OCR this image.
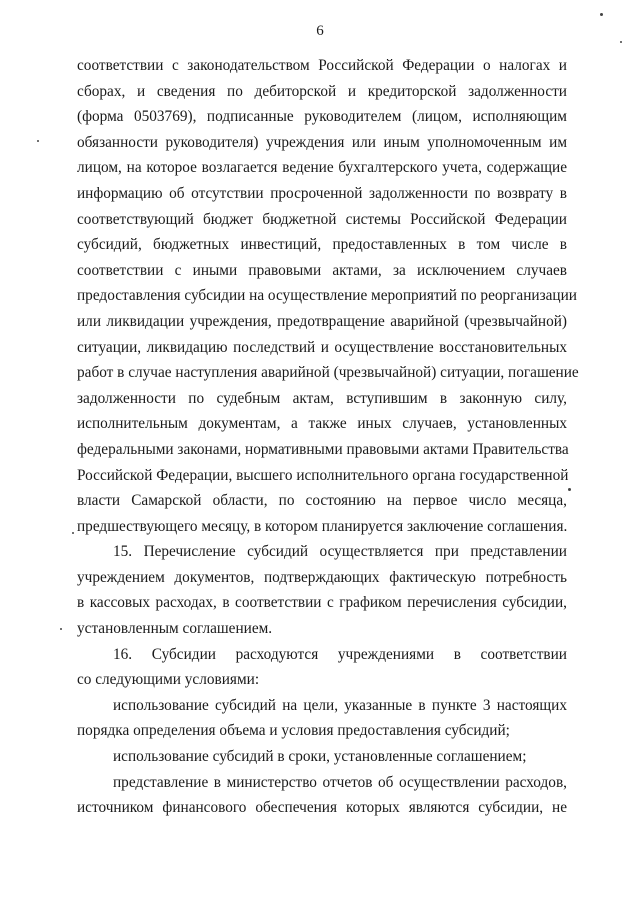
6
соответствии с законодательством Российской Федерации о налогах и
сборах, и сведения по дебиторской и кредиторской задолженности
(форма 0503769), подписанные руководителем (лицом, исполняющим
обязанности руководителя) учреждения или иным уполномоченным им
лицом, на которое возлагается ведение бухгалтерского учета, содержащие
информацию об отсутствии просроченной задолженности по возврату в
соответствующий бюджет бюджетной системы Российской Федерации
субсидий, бюджетных инвестиций, предоставленных в том числе в
соответствии с иными правовыми актами, за исключением случаев
предоставления субсидии на осуществление мероприятий по реорганизации
или ликвидации учреждения, предотвращение аварийной (чрезвычайной)
ситуации, ликвидацию последствий и осуществление восстановительных
работ в случае наступления аварийной (чрезвычайной) ситуации, погашение
задолженности по судебным актам, вступившим в законную силу,
исполнительным документам, а также иных случаев, установленных
федеральными законами, нормативными правовыми актами Правительства
Российской Федерации, высшего исполнительного органа государственной
власти Самарской области, по состоянию на первое число месяца,
предшествующего месяцу, в котором планируется заключение соглашения.
15. Перечисление субсидий осуществляется при представлении
учреждением документов, подтверждающих фактическую потребность
в кассовых расходах, в соответствии с графиком перечисления субсидии,
установленным соглашением.
16. Субсидии расходуются учреждениями в соответствии
со следующими условиями:
использование субсидий на цели, указанные в пункте 3 настоящих
порядка определения объема и условия предоставления субсидий;
использование субсидий в сроки, установленные соглашением;
представление в министерство отчетов об осуществлении расходов,
источником финансового обеспечения которых являются субсидии, не
